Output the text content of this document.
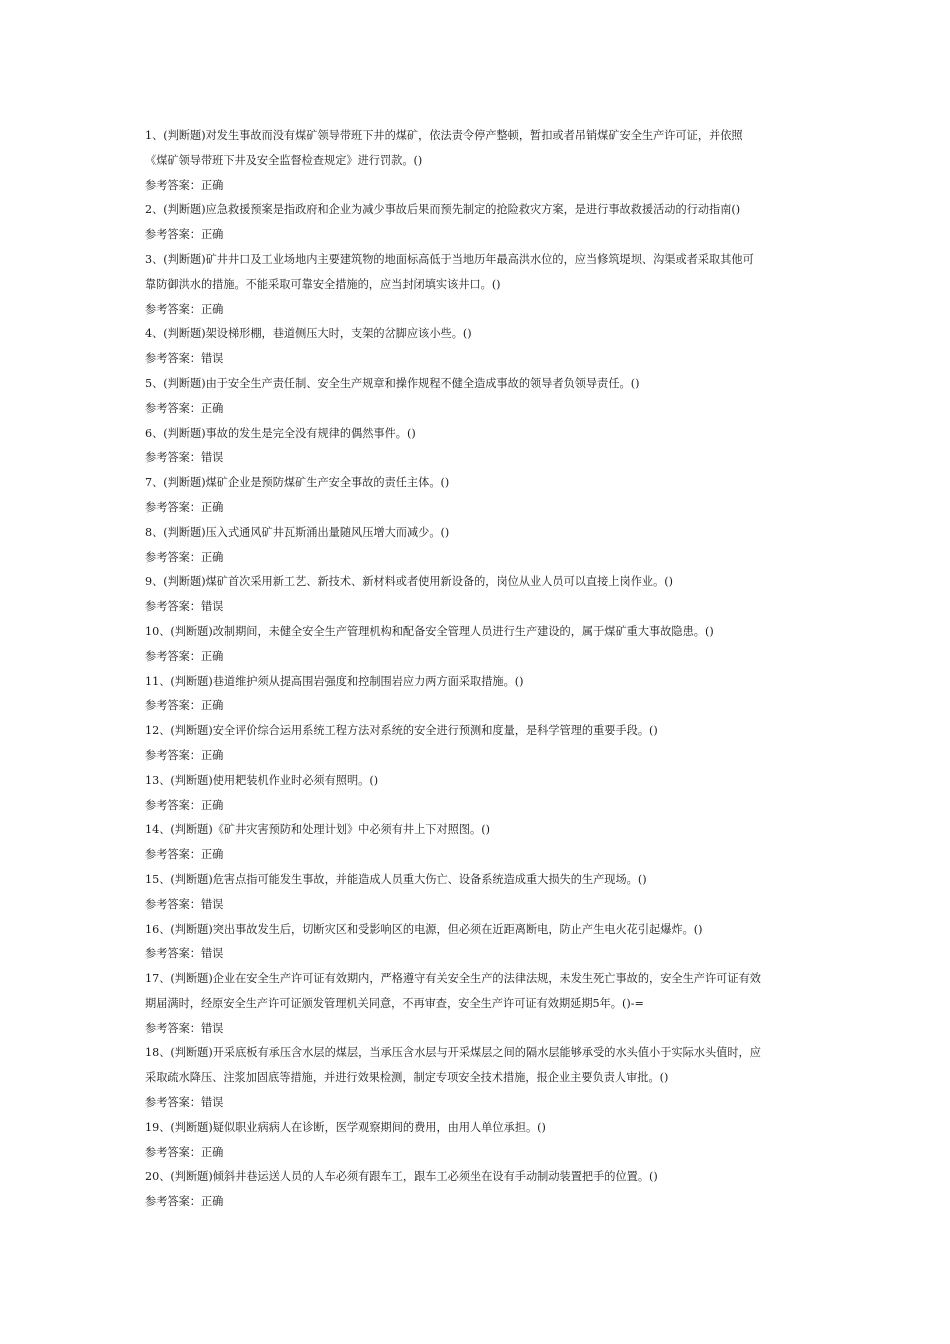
1、(判断题)对发生事故而没有煤矿领导带班下井的煤矿，依法责令停产整顿，暂扣或者吊销煤矿安全生产许可证，并依照
《煤矿领导带班下井及安全监督检查规定》进行罚款。()
参考答案：正确
2、(判断题)应急救援预案是指政府和企业为减少事故后果而预先制定的抢险救灾方案，是进行事故救援活动的行动指南()
参考答案：正确
3、(判断题)矿井井口及工业场地内主要建筑物的地面标高低于当地历年最高洪水位的，应当修筑堤坝、沟渠或者采取其他可
靠防御洪水的措施。不能采取可靠安全措施的，应当封闭填实该井口。()
参考答案：正确
4、(判断题)架设梯形棚，巷道侧压大时，支架的岔脚应该小些。()
参考答案：错误
5、(判断题)由于安全生产责任制、安全生产规章和操作规程不健全造成事故的领导者负领导责任。()
参考答案：正确
6、(判断题)事故的发生是完全没有规律的偶然事件。()
参考答案：错误
7、(判断题)煤矿企业是预防煤矿生产安全事故的责任主体。()
参考答案：正确
8、(判断题)压入式通风矿井瓦斯涌出量随风压增大而减少。()
参考答案：正确
9、(判断题)煤矿首次采用新工艺、新技术、新材料或者使用新设备的，岗位从业人员可以直接上岗作业。()
参考答案：错误
10、(判断题)改制期间，未健全安全生产管理机构和配备安全管理人员进行生产建设的，属于煤矿重大事故隐患。()
参考答案：正确
11、(判断题)巷道维护须从提高围岩强度和控制围岩应力两方面采取措施。()
参考答案：正确
12、(判断题)安全评价综合运用系统工程方法对系统的安全进行预测和度量，是科学管理的重要手段。()
参考答案：正确
13、(判断题)使用耙装机作业时必须有照明。()
参考答案：正确
14、(判断题)《矿井灾害预防和处理计划》中必须有井上下对照图。()
参考答案：正确
15、(判断题)危害点指可能发生事故，并能造成人员重大伤亡、设备系统造成重大损失的生产现场。()
参考答案：错误
16、(判断题)突出事故发生后，切断灾区和受影响区的电源，但必须在近距离断电，防止产生电火花引起爆炸。()
参考答案：错误
17、(判断题)企业在安全生产许可证有效期内，严格遵守有关安全生产的法律法规，未发生死亡事故的，安全生产许可证有效
期届满时，经原安全生产许可证颁发管理机关同意，不再审查，安全生产许可证有效期延期5年。()-=
参考答案：错误
18、(判断题)开采底板有承压含水层的煤层，当承压含水层与开采煤层之间的隔水层能够承受的水头值小于实际水头值时，应
采取疏水降压、注浆加固底等措施，并进行效果检测，制定专项安全技术措施，报企业主要负责人审批。()
参考答案：错误
19、(判断题)疑似职业病病人在诊断，医学观察期间的费用，由用人单位承担。()
参考答案：正确
20、(判断题)倾斜井巷运送人员的人车必须有跟车工，跟车工必须坐在设有手动制动装置把手的位置。()
参考答案：正确
